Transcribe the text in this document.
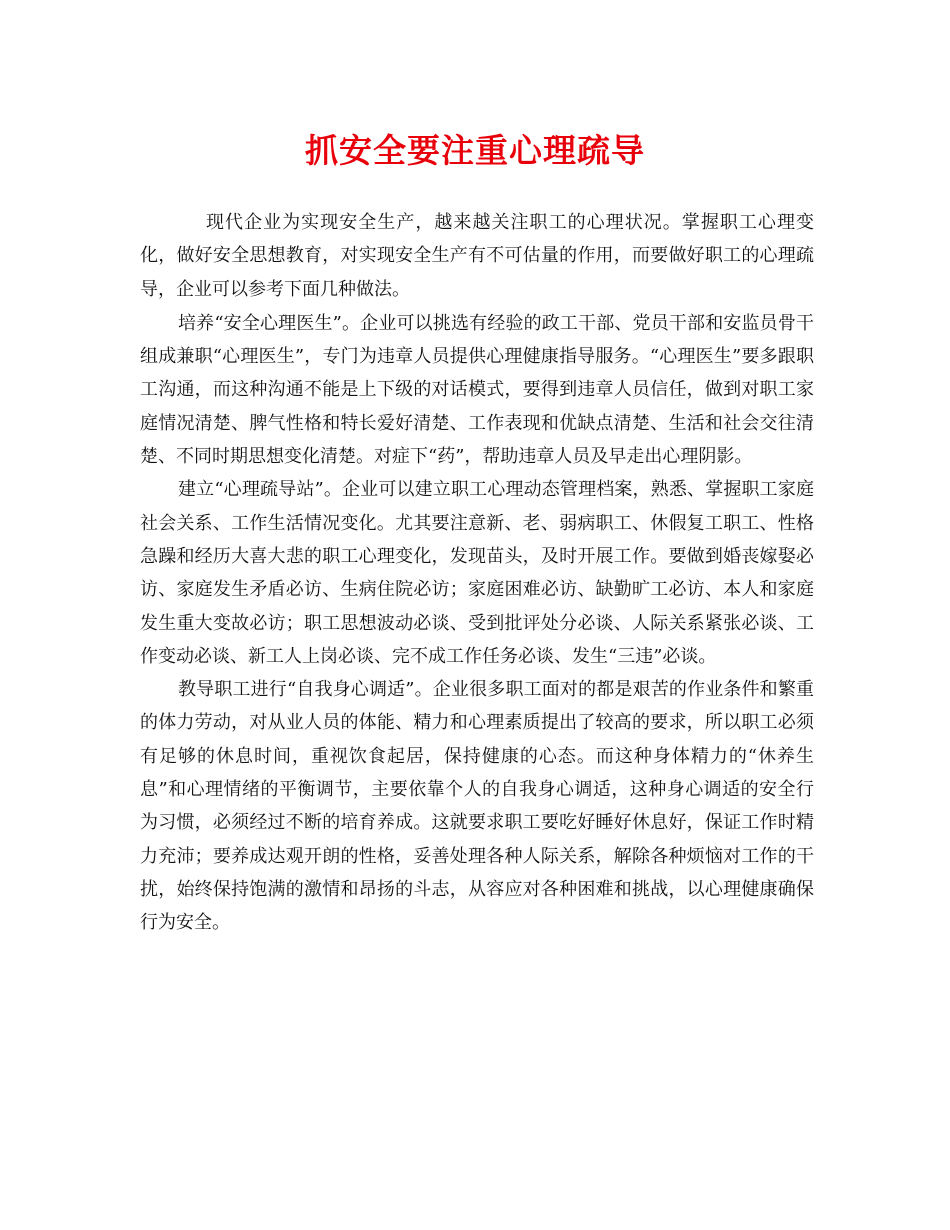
抓安全要注重心理疏导

现代企业为实现安全生产，越来越关注职工的心理状况。掌握职工心理变化，做好安全思想教育，对实现安全生产有不可估量的作用，而要做好职工的心理疏导，企业可以参考下面几种做法。

培养“安全心理医生”。企业可以挑选有经验的政工干部、党员干部和安监员骨干组成兼职“心理医生”，专门为违章人员提供心理健康指导服务。“心理医生”要多跟职工沟通，而这种沟通不能是上下级的对话模式，要得到违章人员信任，做到对职工家庭情况清楚、脾气性格和特长爱好清楚、工作表现和优缺点清楚、生活和社会交往清楚、不同时期思想变化清楚。对症下“药”，帮助违章人员及早走出心理阴影。

建立“心理疏导站”。企业可以建立职工心理动态管理档案，熟悉、掌握职工家庭社会关系、工作生活情况变化。尤其要注意新、老、弱病职工、休假复工职工、性格急躁和经历大喜大悲的职工心理变化，发现苗头，及时开展工作。要做到婚丧嫁娶必访、家庭发生矛盾必访、生病住院必访；家庭困难必访、缺勤旷工必访、本人和家庭发生重大变故必访；职工思想波动必谈、受到批评处分必谈、人际关系紧张必谈、工作变动必谈、新工人上岗必谈、完不成工作任务必谈、发生“三违”必谈。

教导职工进行“自我身心调适”。企业很多职工面对的都是艰苦的作业条件和繁重的体力劳动，对从业人员的体能、精力和心理素质提出了较高的要求，所以职工必须有足够的休息时间，重视饮食起居，保持健康的心态。而这种身体精力的“休养生息”和心理情绪的平衡调节，主要依靠个人的自我身心调适，这种身心调适的安全行为习惯，必须经过不断的培育养成。这就要求职工要吃好睡好休息好，保证工作时精力充沛；要养成达观开朗的性格，妥善处理各种人际关系，解除各种烦恼对工作的干扰，始终保持饱满的激情和昂扬的斗志，从容应对各种困难和挑战，以心理健康确保行为安全。
